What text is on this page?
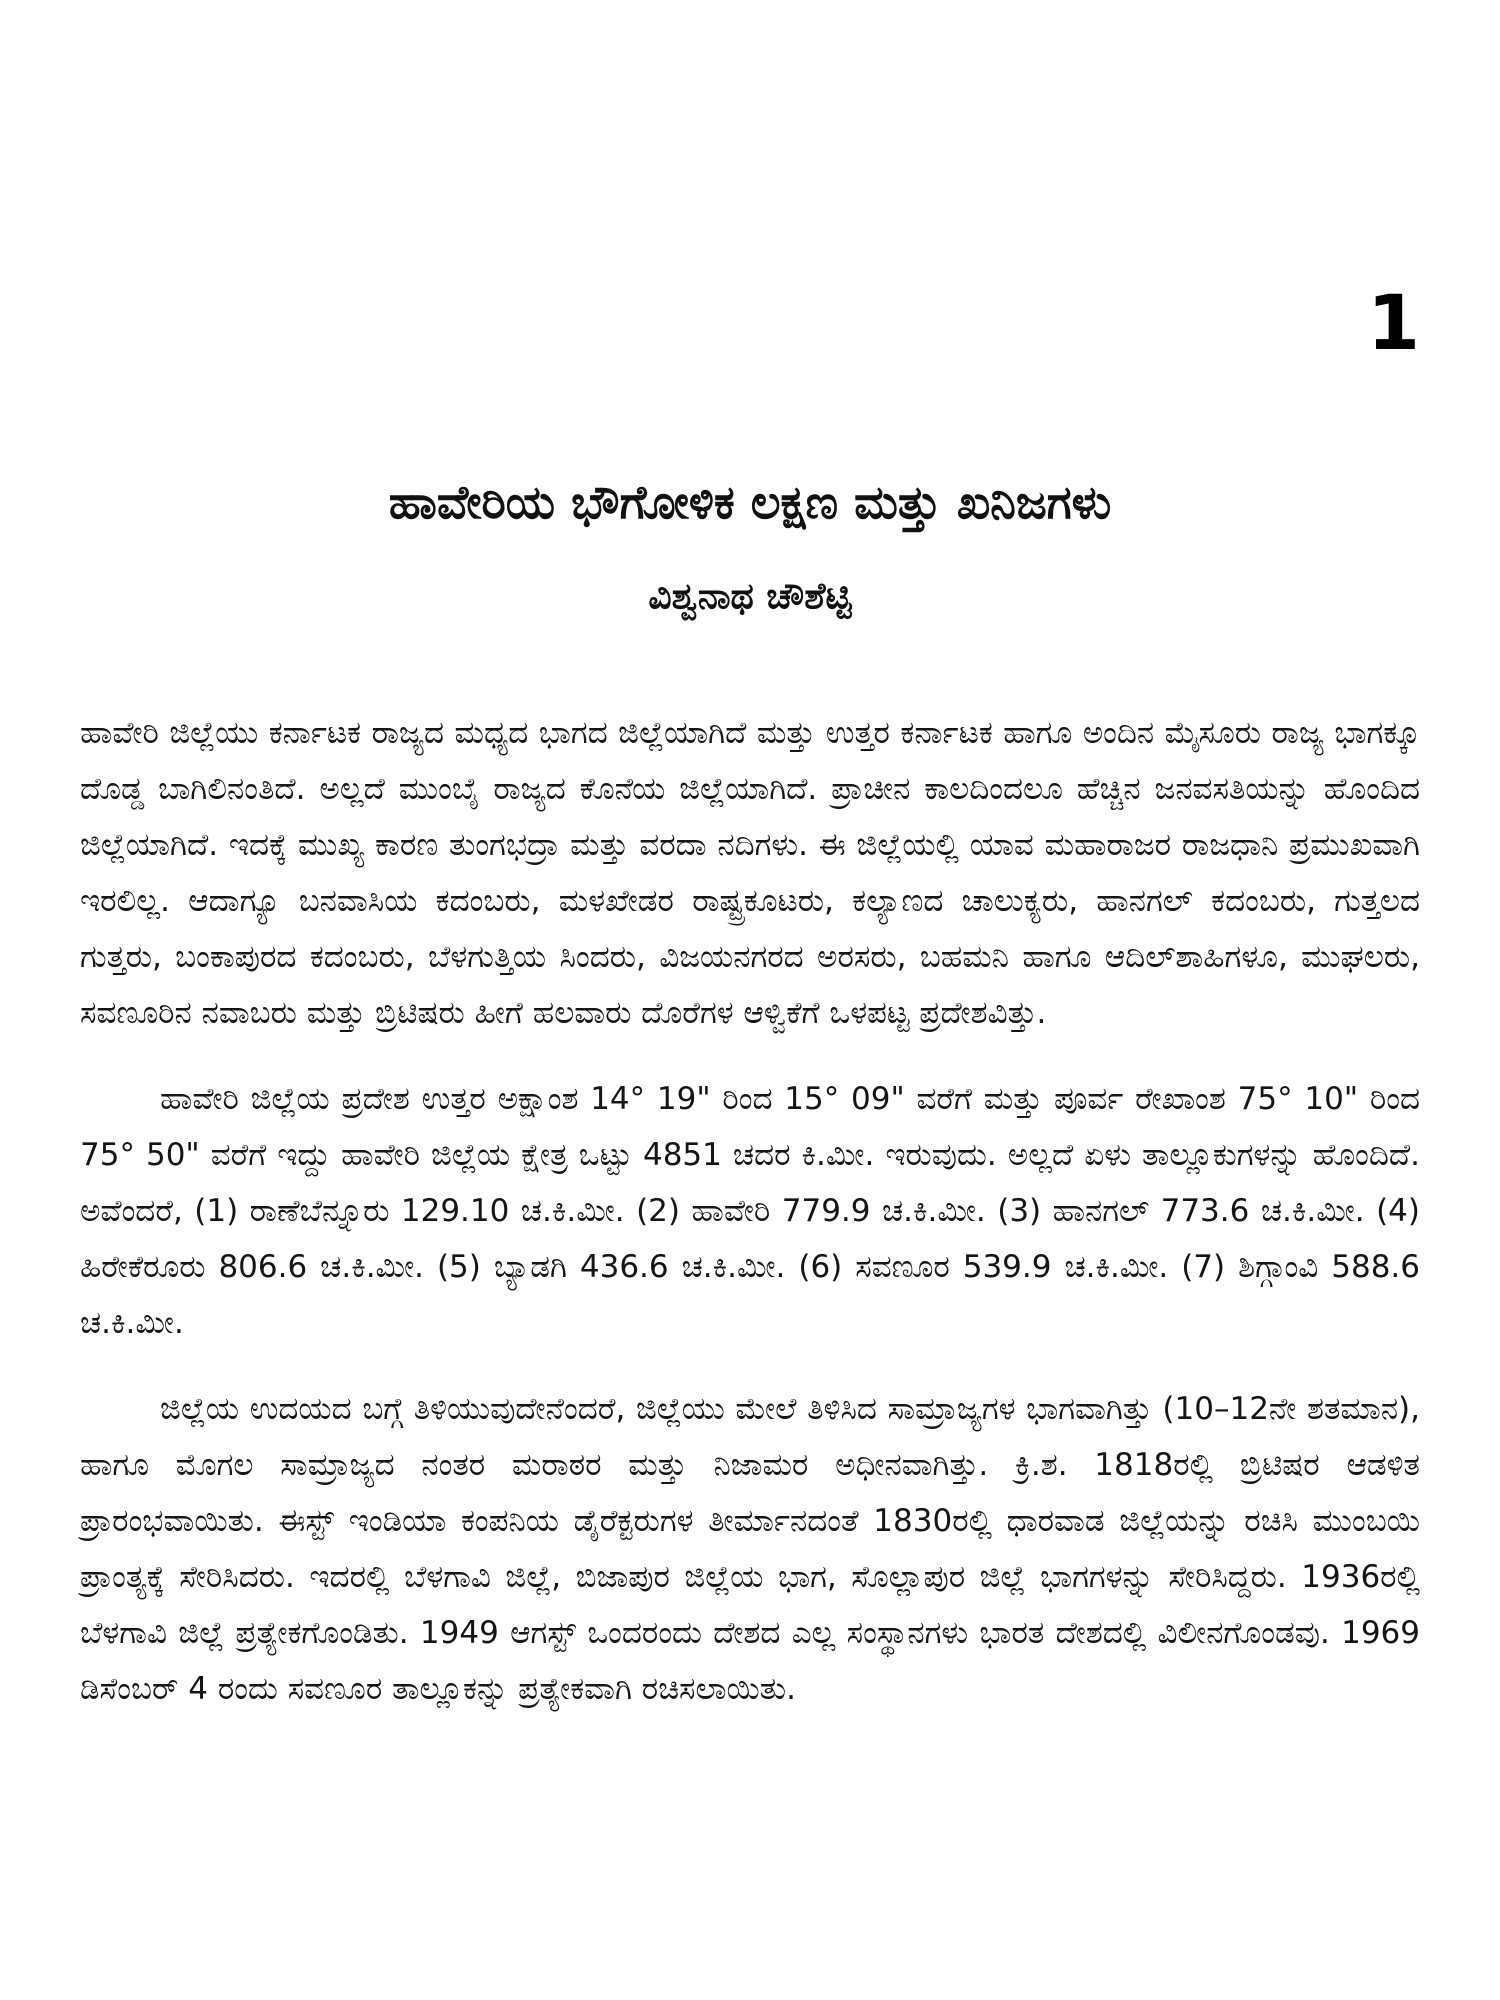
1
ಹಾವೇರಿಯ ಭೌಗೋಳಿಕ ಲಕ್ಷಣ ಮತ್ತು ಖನಿಜಗಳು
ವಿಶ್ವನಾಥ ಚೌಶೆಟ್ಟಿ

ಹಾವೇರಿ ಜಿಲ್ಲೆಯು ಕರ್ನಾಟಕ ರಾಜ್ಯದ ಮಧ್ಯದ ಭಾಗದ ಜಿಲ್ಲೆಯಾಗಿದೆ ಮತ್ತು ಉತ್ತರ ಕರ್ನಾಟಕ ಹಾಗೂ ಅಂದಿನ ಮೈಸೂರು ರಾಜ್ಯ ಭಾಗಕ್ಕೂ ದೊಡ್ಡ ಬಾಗಿಲಿನಂತಿದೆ. ಅಲ್ಲದೆ ಮುಂಬೈ ರಾಜ್ಯದ ಕೊನೆಯ ಜಿಲ್ಲೆಯಾಗಿದೆ. ಪ್ರಾಚೀನ ಕಾಲದಿಂದಲೂ ಹೆಚ್ಚಿನ ಜನವಸತಿಯನ್ನು ಹೊಂದಿದ ಜಿಲ್ಲೆಯಾಗಿದೆ. ಇದಕ್ಕೆ ಮುಖ್ಯ ಕಾರಣ ತುಂಗಭದ್ರಾ ಮತ್ತು ವರದಾ ನದಿಗಳು. ಈ ಜಿಲ್ಲೆಯಲ್ಲಿ ಯಾವ ಮಹಾರಾಜರ ರಾಜಧಾನಿ ಪ್ರಮುಖವಾಗಿ ಇರಲಿಲ್ಲ. ಆದಾಗ್ಯೂ ಬನವಾಸಿಯ ಕದಂಬರು, ಮಳಖೇಡರ ರಾಷ್ಟ್ರಕೂಟರು, ಕಲ್ಯಾಣದ ಚಾಲುಕ್ಯರು, ಹಾನಗಲ್ ಕದಂಬರು, ಗುತ್ತಲದ ಗುತ್ತರು, ಬಂಕಾಪುರದ ಕದಂಬರು, ಬೆಳಗುತ್ತಿಯ ಸಿಂದರು, ವಿಜಯನಗರದ ಅರಸರು, ಬಹಮನಿ ಹಾಗೂ ಆದಿಲ್‌ಶಾಹಿಗಳೂ, ಮುಘಲರು, ಸವಣೂರಿನ ನವಾಬರು ಮತ್ತು ಬ್ರಿಟಿಷರು ಹೀಗೆ ಹಲವಾರು ದೊರೆಗಳ ಆಳ್ವಿಕೆಗೆ ಒಳಪಟ್ಟ ಪ್ರದೇಶವಿತ್ತು.

ಹಾವೇರಿ ಜಿಲ್ಲೆಯ ಪ್ರದೇಶ ಉತ್ತರ ಅಕ್ಷಾಂಶ 14° 19" ರಿಂದ 15° 09" ವರೆಗೆ ಮತ್ತು ಪೂರ್ವ ರೇಖಾಂಶ 75° 10" ರಿಂದ 75° 50" ವರೆಗೆ ಇದ್ದು ಹಾವೇರಿ ಜಿಲ್ಲೆಯ ಕ್ಷೇತ್ರ ಒಟ್ಟು 4851 ಚದರ ಕಿ.ಮೀ. ಇರುವುದು. ಅಲ್ಲದೆ ಏಳು ತಾಲ್ಲೂಕುಗಳನ್ನು ಹೊಂದಿದೆ. ಅವೆಂದರೆ, (1) ರಾಣೆಬೆನ್ನೂರು 129.10 ಚ.ಕಿ.ಮೀ. (2) ಹಾವೇರಿ 779.9 ಚ.ಕಿ.ಮೀ. (3) ಹಾನಗಲ್ 773.6 ಚ.ಕಿ.ಮೀ. (4) ಹಿರೇಕೆರೂರು 806.6 ಚ.ಕಿ.ಮೀ. (5) ಬ್ಯಾಡಗಿ 436.6 ಚ.ಕಿ.ಮೀ. (6) ಸವಣೂರ 539.9 ಚ.ಕಿ.ಮೀ. (7) ಶಿಗ್ಗಾಂವಿ 588.6 ಚ.ಕಿ.ಮೀ.

ಜಿಲ್ಲೆಯ ಉದಯದ ಬಗ್ಗೆ ತಿಳಿಯುವುದೇನೆಂದರೆ, ಜಿಲ್ಲೆಯು ಮೇಲೆ ತಿಳಿಸಿದ ಸಾಮ್ರಾಜ್ಯಗಳ ಭಾಗವಾಗಿತ್ತು (10–12ನೇ ಶತಮಾನ), ಹಾಗೂ ಮೊಗಲ ಸಾಮ್ರಾಜ್ಯದ ನಂತರ ಮರಾಠರ ಮತ್ತು ನಿಜಾಮರ ಅಧೀನವಾಗಿತ್ತು. ಕ್ರಿ.ಶ. 1818ರಲ್ಲಿ ಬ್ರಿಟಿಷರ ಆಡಳಿತ ಪ್ರಾರಂಭವಾಯಿತು. ಈಸ್ಟ್ ಇಂಡಿಯಾ ಕಂಪನಿಯ ಡೈರೆಕ್ಟರುಗಳ ತೀರ್ಮಾನದಂತೆ 1830ರಲ್ಲಿ ಧಾರವಾಡ ಜಿಲ್ಲೆಯನ್ನು ರಚಿಸಿ ಮುಂಬಯಿ ಪ್ರಾಂತ್ಯಕ್ಕೆ ಸೇರಿಸಿದರು. ಇದರಲ್ಲಿ ಬೆಳಗಾವಿ ಜಿಲ್ಲೆ, ಬಿಜಾಪುರ ಜಿಲ್ಲೆಯ ಭಾಗ, ಸೊಲ್ಲಾಪುರ ಜಿಲ್ಲೆ ಭಾಗಗಳನ್ನು ಸೇರಿಸಿದ್ದರು. 1936ರಲ್ಲಿ ಬೆಳಗಾವಿ ಜಿಲ್ಲೆ ಪ್ರತ್ಯೇಕಗೊಂಡಿತು. 1949 ಆಗಸ್ಟ್ ಒಂದರಂದು ದೇಶದ ಎಲ್ಲ ಸಂಸ್ಥಾನಗಳು ಭಾರತ ದೇಶದಲ್ಲಿ ವಿಲೀನಗೊಂಡವು. 1969 ಡಿಸೆಂಬರ್ 4 ರಂದು ಸವಣೂರ ತಾಲ್ಲೂಕನ್ನು ಪ್ರತ್ಯೇಕವಾಗಿ ರಚಿಸಲಾಯಿತು.
